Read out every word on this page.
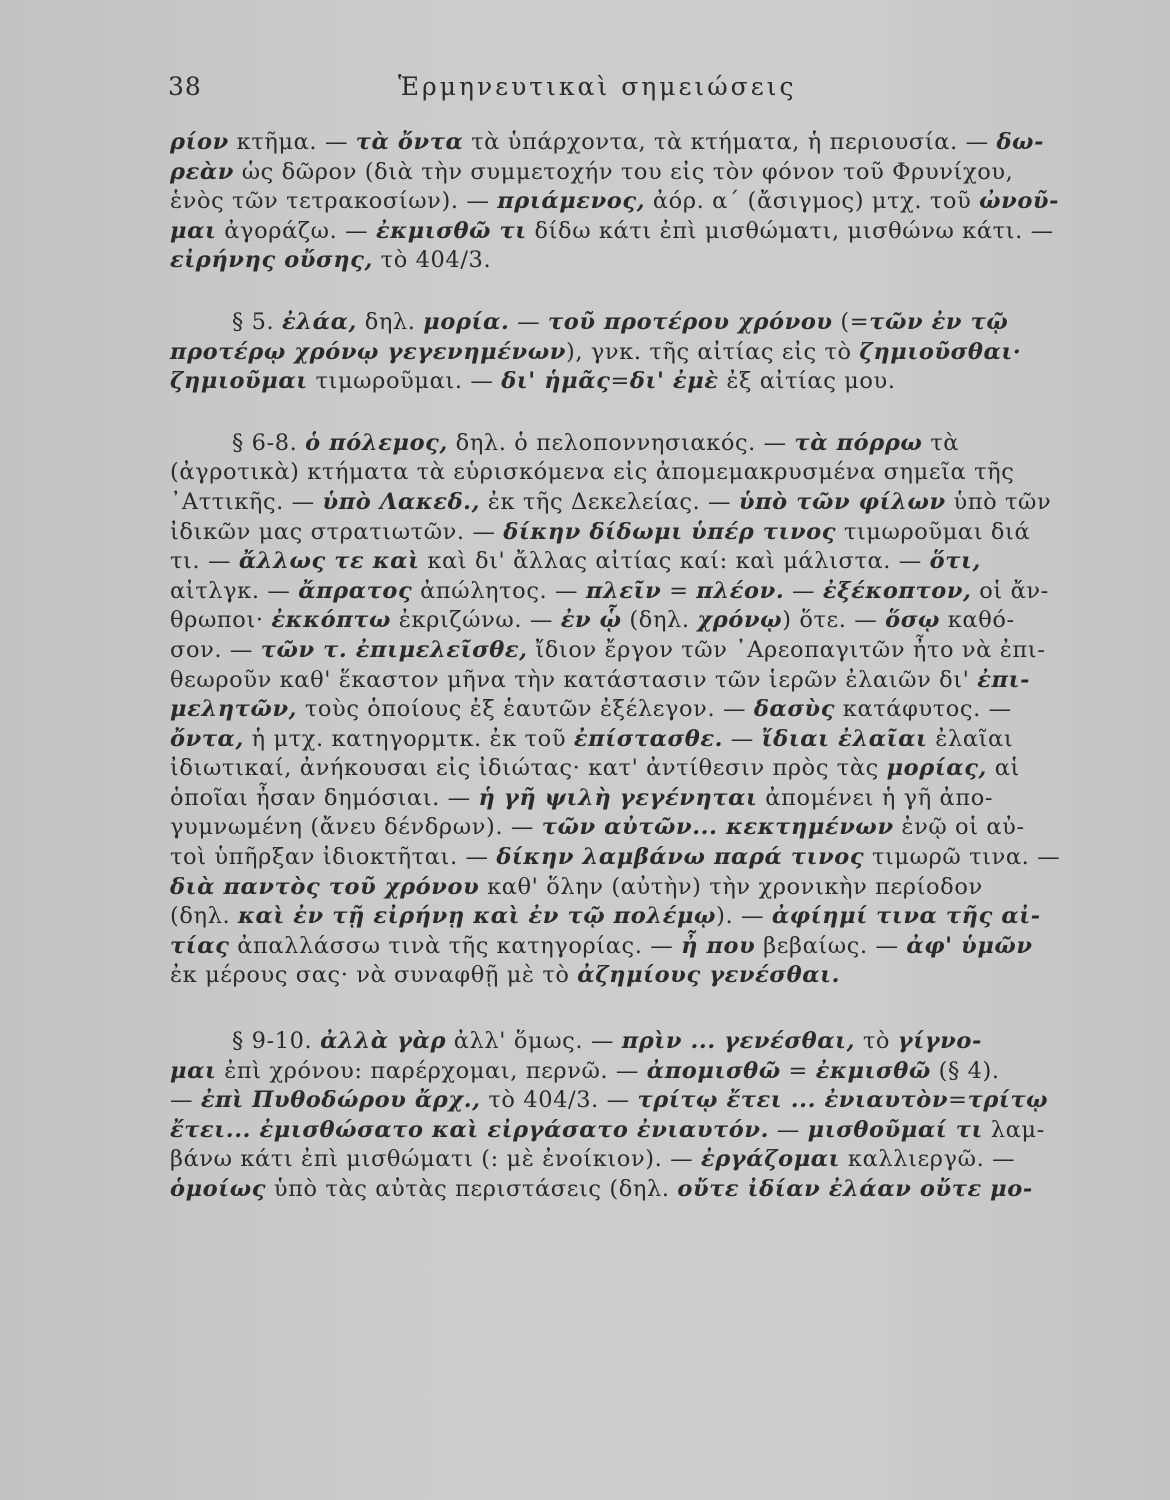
38	Ἑρμηνευτικαὶ σημειώσεις
ρίον κτῆμα. — τὰ ὄντα τὰ ὑπάρχοντα, τὰ κτήματα, ἡ περιουσία. — δω-
ρεὰν ὡς δῶρον (διὰ τὴν συμμετοχήν του εἰς τὸν φόνον τοῦ Φρυνίχου,
ἑνὸς τῶν τετρακοσίων). — πριάμενος, ἀόρ. α΄ (ἄσιγμος) μτχ. τοῦ ὠνοῦ-
μαι ἀγοράζω. — ἐκμισθῶ τι δίδω κάτι ἐπὶ μισθώματι, μισθώνω κάτι. —
εἰρήνης οὔσης, τὸ 404/3.
§ 5. ἐλάα, δηλ. μορία. — τοῦ προτέρου χρόνου (=τῶν ἐν τῷ
προτέρῳ χρόνῳ γεγενημένων), γνκ. τῆς αἰτίας εἰς τὸ ζημιοῦσθαι·
ζημιοῦμαι τιμωροῦμαι. — δι' ἡμᾶς=δι' ἐμὲ ἐξ αἰτίας μου.
§ 6-8. ὁ πόλεμος, δηλ. ὁ πελοποννησιακός. — τὰ πόρρω τὰ
(ἀγροτικὰ) κτήματα τὰ εὑρισκόμενα εἰς ἀπομεμακρυσμένα σημεῖα τῆς
᾿Αττικῆς. — ὑπὸ Λακεδ., ἐκ τῆς Δεκελείας. — ὑπὸ τῶν φίλων ὑπὸ τῶν
ἰδικῶν μας στρατιωτῶν. — δίκην δίδωμι ὑπέρ τινος τιμωροῦμαι διά
τι. — ἄλλως τε καὶ καὶ δι' ἄλλας αἰτίας καί: καὶ μάλιστα. — ὅτι,
αἰτλγκ. — ἄπρατος ἀπώλητος. — πλεῖν = πλέον. — ἐξέκοπτον, οἱ ἄν-
θρωποι· ἐκκόπτω ἐκριζώνω. — ἐν ᾧ (δηλ. χρόνῳ) ὅτε. — ὅσῳ καθό-
σον. — τῶν τ. ἐπιμελεῖσθε, ἴδιον ἔργον τῶν ᾿Αρεοπαγιτῶν ἦτο νὰ ἐπι-
θεωροῦν καθ' ἕκαστον μῆνα τὴν κατάστασιν τῶν ἱερῶν ἐλαιῶν δι' ἐπι-
μελητῶν, τοὺς ὁποίους ἐξ ἑαυτῶν ἐξέλεγον. — δασὺς κατάφυτος. —
ὄντα, ἡ μτχ. κατηγορμτκ. ἐκ τοῦ ἐπίστασθε. — ἴδιαι ἐλαῖαι ἐλαῖαι
ἰδιωτικαί, ἀνήκουσαι εἰς ἰδιώτας· κατ' ἀντίθεσιν πρὸς τὰς μορίας, αἱ
ὁποῖαι ἦσαν δημόσιαι. — ἡ γῆ ψιλὴ γεγένηται ἀπομένει ἡ γῆ ἀπο-
γυμνωμένη (ἄνευ δένδρων). — τῶν αὐτῶν... κεκτημένων ἐνῷ οἱ αὐ-
τοὶ ὑπῆρξαν ἰδιοκτῆται. — δίκην λαμβάνω παρά τινος τιμωρῶ τινα. —
διὰ παντὸς τοῦ χρόνου καθ' ὅλην (αὐτὴν) τὴν χρονικὴν περίοδον
(δηλ. καὶ ἐν τῇ εἰρήνῃ καὶ ἐν τῷ πολέμῳ). — ἀφίημί τινα τῆς αἰ-
τίας ἀπαλλάσσω τινὰ τῆς κατηγορίας. — ἦ που βεβαίως. — ἀφ' ὑμῶν
ἐκ μέρους σας· νὰ συναφθῇ μὲ τὸ ἀζημίους γενέσθαι.
§ 9-10. ἀλλὰ γὰρ ἀλλ' ὅμως. — πρὶν ... γενέσθαι, τὸ γίγνο-
μαι ἐπὶ χρόνου: παρέρχομαι, περνῶ. — ἀπομισθῶ = ἐκμισθῶ (§ 4).
— ἐπὶ Πυθοδώρου ἄρχ., τὸ 404/3. — τρίτῳ ἔτει ... ἐνιαυτὸν=τρίτῳ
ἔτει... ἐμισθώσατο καὶ εἰργάσατο ἐνιαυτόν. — μισθοῦμαί τι λαμ-
βάνω κάτι ἐπὶ μισθώματι (: μὲ ἐνοίκιον). — ἐργάζομαι καλλιεργῶ. —
ὁμοίως ὑπὸ τὰς αὐτὰς περιστάσεις (δηλ. οὔτε ἰδίαν ἐλάαν οὔτε μο-
